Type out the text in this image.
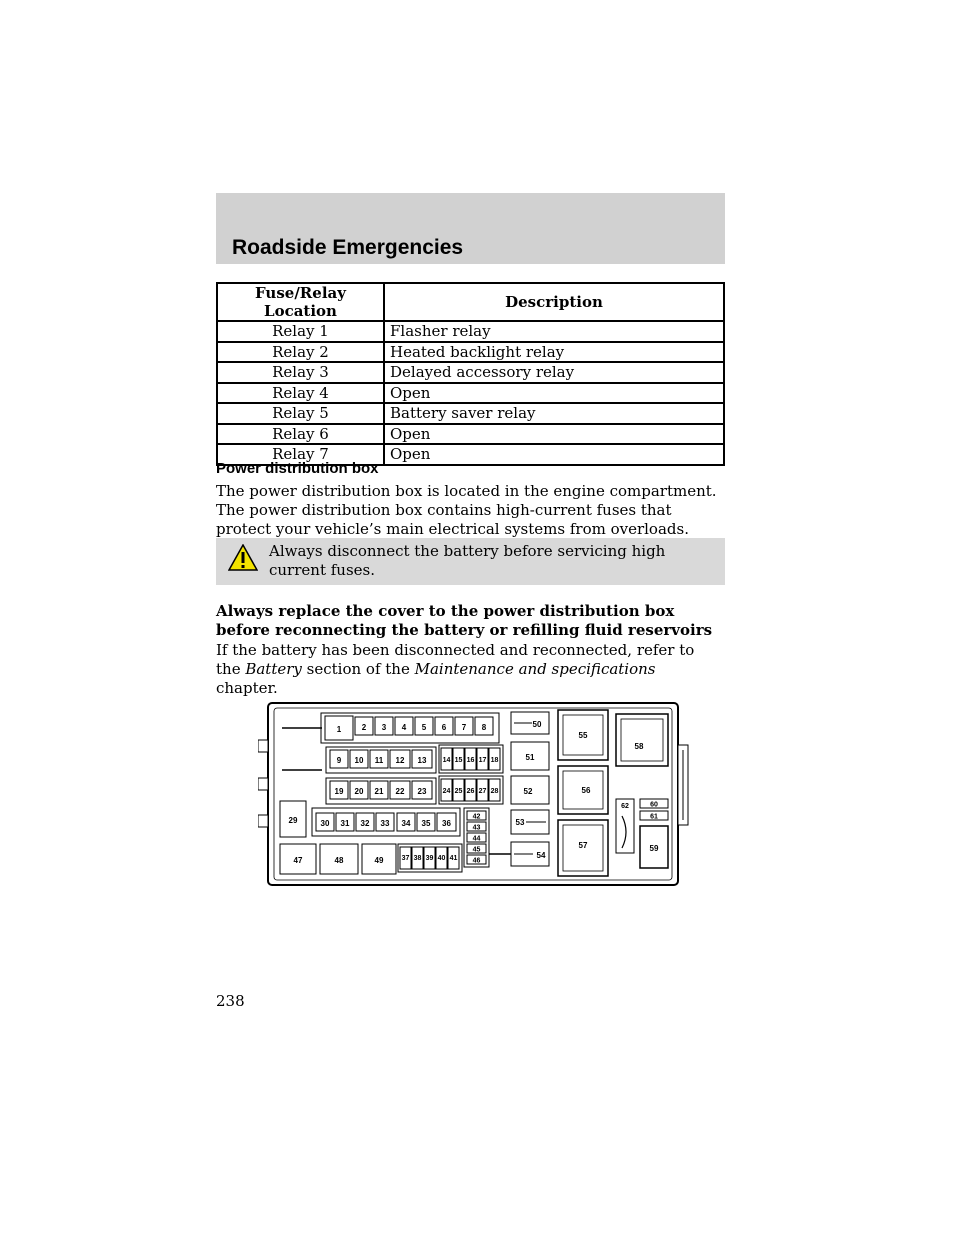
Roadside Emergencies
Fuse/Relay Location	Description
Relay 1	Flasher relay
Relay 2	Heated backlight relay
Relay 3	Delayed accessory relay
Relay 4	Open
Relay 5	Battery saver relay
Relay 6	Open
Relay 7	Open
Power distribution box
The power distribution box is located in the engine compartment. The power distribution box contains high-current fuses that protect your vehicle’s main electrical systems from overloads.
Always disconnect the battery before servicing high current fuses.
Always replace the cover to the power distribution box before reconnecting the battery or refilling fluid reservoirs
If the battery has been disconnected and reconnected, refer to the Battery section of the Maintenance and specifications chapter.
1	2 3 4 5 6 7 8
9 10 11 12 13 14 15 16 17 18
19 20 21 22 23 24 25 26 27 28
29	30 31 32 33 34 35 36
42
43
44
45
46
47	48	49	37 38 39 40 41
50
51
52
53
54
55
56
57
58
59
60
61
62
238
